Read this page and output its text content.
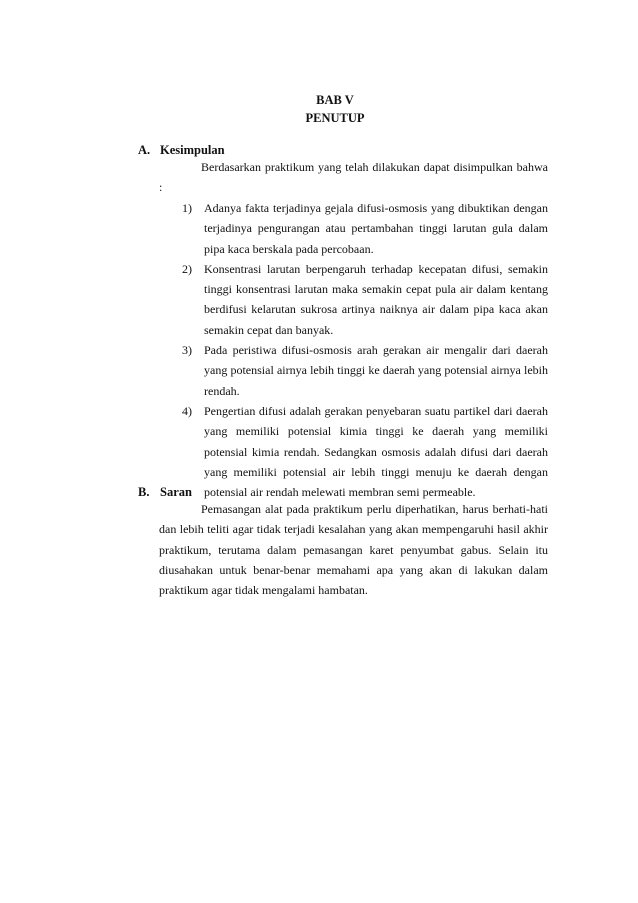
BAB V
PENUTUP
A. Kesimpulan
Berdasarkan praktikum yang telah dilakukan dapat disimpulkan bahwa :
1) Adanya fakta terjadinya gejala difusi-osmosis yang dibuktikan dengan terjadinya pengurangan atau pertambahan tinggi larutan gula dalam pipa kaca berskala pada percobaan.
2) Konsentrasi larutan berpengaruh terhadap kecepatan difusi, semakin tinggi konsentrasi larutan maka semakin cepat pula air dalam kentang berdifusi kelarutan sukrosa artinya naiknya air dalam pipa kaca akan semakin cepat dan banyak.
3) Pada peristiwa difusi-osmosis arah gerakan air mengalir dari daerah yang potensial airnya lebih tinggi ke daerah yang potensial airnya lebih rendah.
4) Pengertian difusi adalah gerakan penyebaran suatu partikel dari daerah yang memiliki potensial kimia tinggi ke daerah yang memiliki potensial kimia rendah. Sedangkan osmosis adalah difusi dari daerah yang memiliki potensial air lebih tinggi menuju ke daerah dengan potensial air rendah melewati membran semi permeable.
B. Saran
Pemasangan alat pada praktikum perlu diperhatikan, harus berhati-hati dan lebih teliti agar tidak terjadi kesalahan yang akan mempengaruhi hasil akhir praktikum, terutama dalam pemasangan karet penyumbat gabus. Selain itu diusahakan untuk benar-benar memahami apa yang akan di lakukan dalam praktikum agar tidak mengalami hambatan.
